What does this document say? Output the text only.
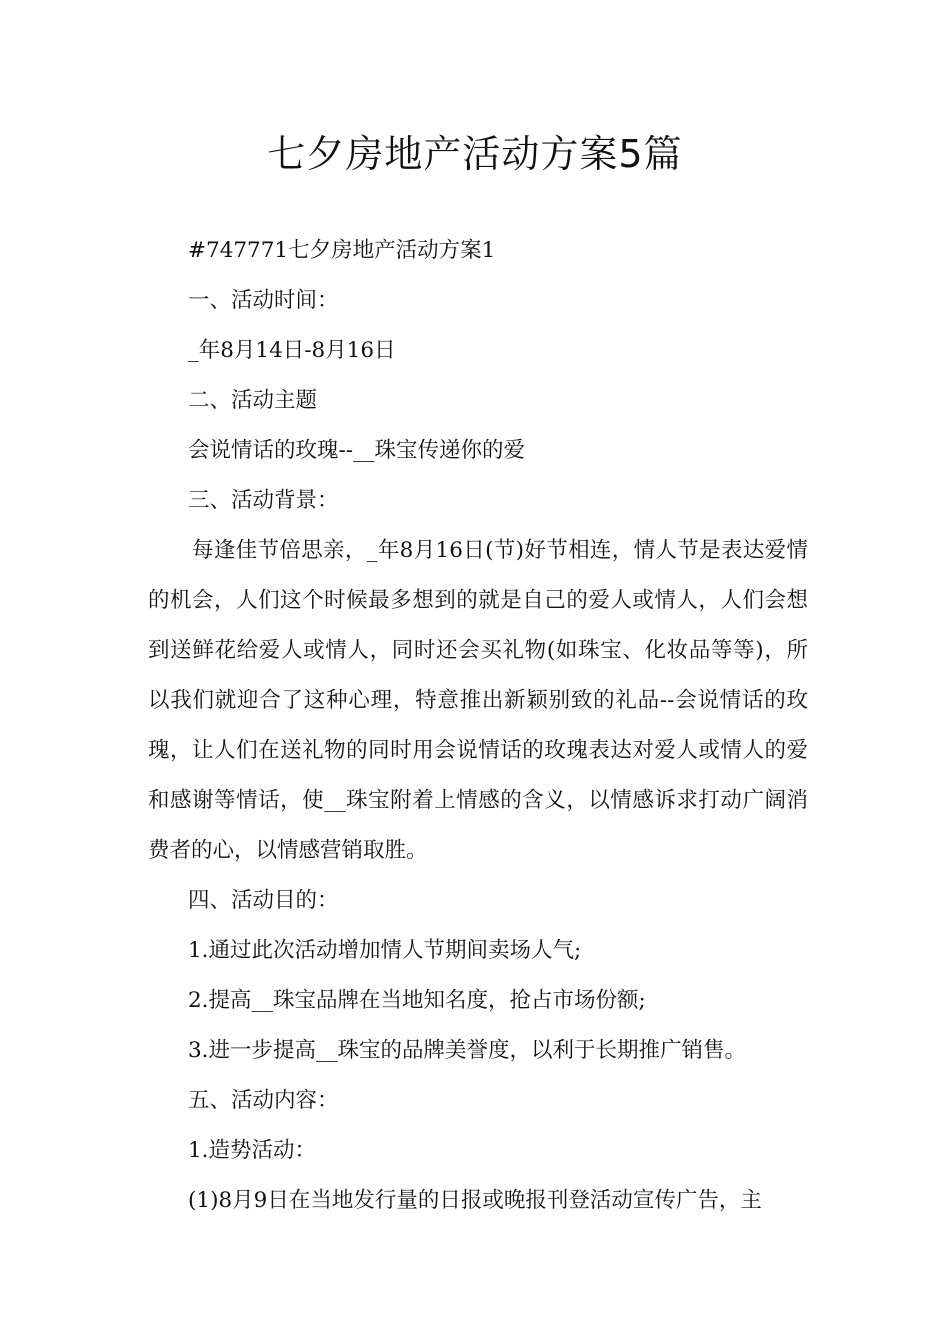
七夕房地产活动方案5篇
#747771七夕房地产活动方案1
一、活动时间：
_年8月14日-8月16日
二、活动主题
会说情话的玫瑰--__珠宝传递你的爱
三、活动背景：

每逢佳节倍思亲，_年8月16日(节)好节相连，情人节是表达爱情的机会，人们这个时候最多想到的就是自己的爱人或情人，人们会想到送鲜花给爱人或情人，同时还会买礼物(如珠宝、化妆品等等)，所以我们就迎合了这种心理，特意推出新颖别致的礼品--会说情话的玫瑰，让人们在送礼物的同时用会说情话的玫瑰表达对爱人或情人的爱和感谢等情话，使__珠宝附着上情感的含义，以情感诉求打动广阔消费者的心，以情感营销取胜。

四、活动目的：
1.通过此次活动增加情人节期间卖场人气;
2.提高__珠宝品牌在当地知名度，抢占市场份额;
3.进一步提高__珠宝的品牌美誉度，以利于长期推广销售。
五、活动内容：
1.造势活动：
(1)8月9日在当地发行量的日报或晚报刊登活动宣传广告，主
